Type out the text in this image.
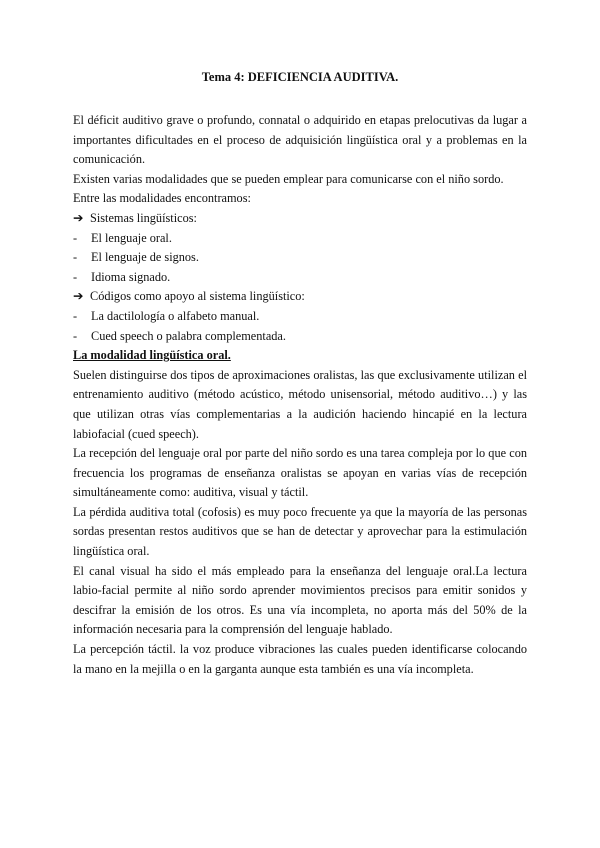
Tema 4: DEFICIENCIA AUDITIVA.

El déficit auditivo grave o profundo, connatal o adquirido en etapas prelocutivas da lugar a importantes dificultades en el proceso de adquisición lingüística oral y a problemas en la comunicación.

Existen varias modalidades que se pueden emplear para comunicarse con el niño sordo.

Entre las modalidades encontramos:

➔ Sistemas lingüísticos:

- El lenguaje oral.

- El lenguaje de signos.

- Idioma signado.

➔ Códigos como apoyo al sistema lingüístico:

- La dactilología o alfabeto manual.

- Cued speech o palabra complementada.

La modalidad lingüística oral.

Suelen distinguirse dos tipos de aproximaciones oralistas, las que exclusivamente utilizan el entrenamiento auditivo (método acústico, método unisensorial, método auditivo…) y las que utilizan otras vías complementarias a la audición haciendo hincapié en la lectura labiofacial (cued speech).

La recepción del lenguaje oral por parte del niño sordo es una tarea compleja por lo que con frecuencia los programas de enseñanza oralistas se apoyan en varias vías de recepción simultáneamente como: auditiva, visual y táctil.

La pérdida auditiva total (cofosis) es muy poco frecuente ya que la mayoría de las personas sordas presentan restos auditivos que se han de detectar y aprovechar para la estimulación lingüística oral.

El canal visual ha sido el más empleado para la enseñanza del lenguaje oral.La lectura labio-facial permite al niño sordo aprender movimientos precisos para emitir sonidos y descifrar la emisión de los otros. Es una vía incompleta, no aporta más del 50% de la información necesaria para la comprensión del lenguaje hablado.

La percepción táctil. la voz produce vibraciones las cuales pueden identificarse colocando la mano en la mejilla o en la garganta aunque esta también es una vía incompleta.
